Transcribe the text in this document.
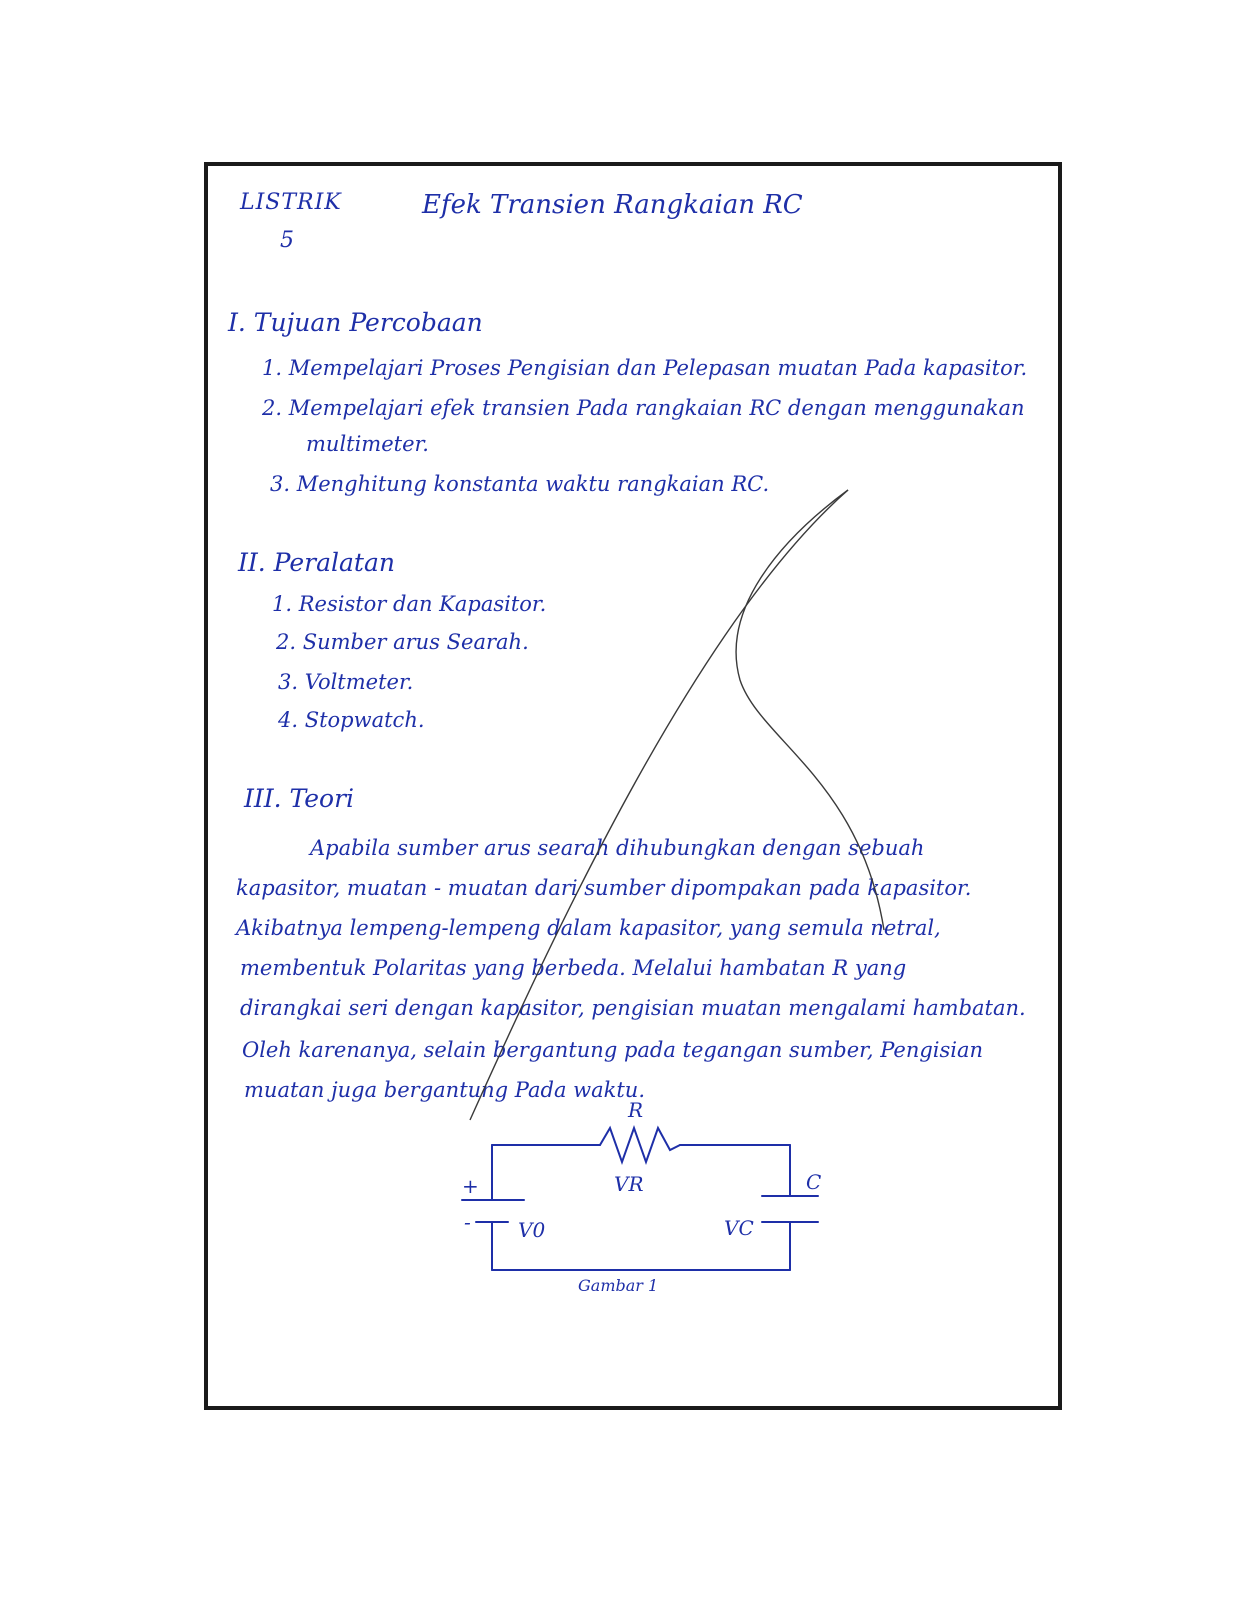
LISTRIK
5
Efek Transien Rangkaian RC
I. Tujuan Percobaan
1. Mempelajari Proses Pengisian dan Pelepasan muatan Pada kapasitor.
2. Mempelajari efek transien Pada rangkaian RC dengan menggunakan
multimeter.
3. Menghitung konstanta waktu rangkaian RC.
II. Peralatan
1. Resistor dan Kapasitor.
2. Sumber arus Searah.
3. Voltmeter.
4. Stopwatch.
III. Teori
Apabila sumber arus searah dihubungkan dengan sebuah
kapasitor, muatan - muatan dari sumber dipompakan pada kapasitor.
Akibatnya lempeng-lempeng dalam kapasitor, yang semula netral,
membentuk Polaritas yang berbeda. Melalui hambatan R yang
dirangkai seri dengan kapasitor, pengisian muatan mengalami hambatan.
Oleh karenanya, selain bergantung pada tegangan sumber, Pengisian
muatan juga bergantung Pada waktu.
R
VR	C
+
- V0	VC
Gambar 1
